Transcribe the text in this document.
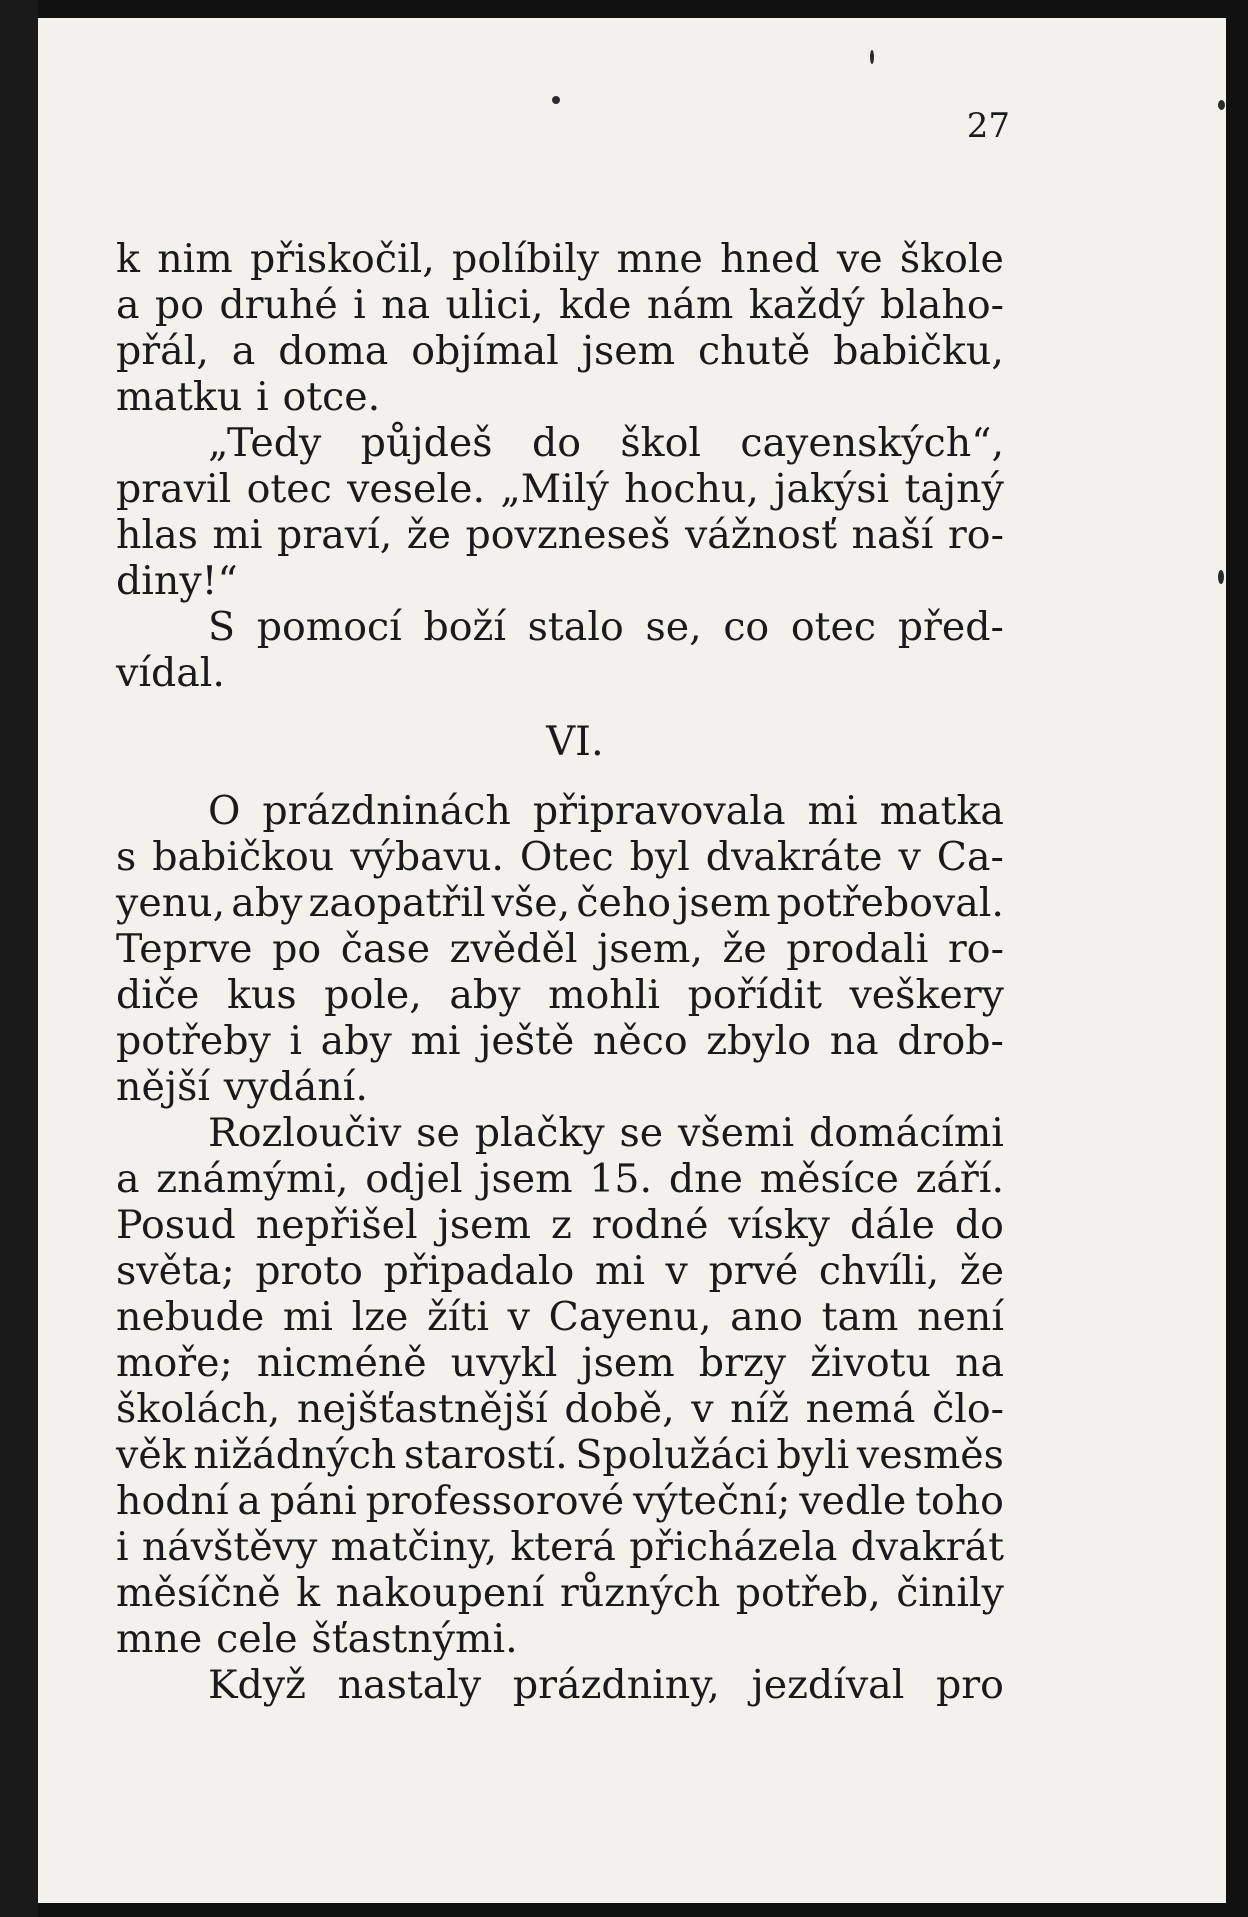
27
k nim přiskočil, políbily mne hned ve škole
a po druhé i na ulici, kde nám každý blaho-
přál, a doma objímal jsem chutě babičku,
matku i otce.
„Tedy půjdeš do škol cayenských“,
pravil otec vesele. „Milý hochu, jakýsi tajný
hlas mi praví, že povzneseš vážnosť naší ro-
diny!“
S pomocí boží stalo se, co otec před-
vídal.
VI.
O prázdninách připravovala mi matka
s babičkou výbavu. Otec byl dvakráte v Ca-
yenu, aby zaopatřil vše, čeho jsem potřeboval.
Teprve po čase zvěděl jsem, že prodali ro-
diče kus pole, aby mohli pořídit veškery
potřeby i aby mi ještě něco zbylo na drob-
nější vydání.
Rozloučiv se plačky se všemi domácími
a známými, odjel jsem 15. dne měsíce září.
Posud nepřišel jsem z rodné vísky dále do
světa; proto připadalo mi v prvé chvíli, že
nebude mi lze žíti v Cayenu, ano tam není
moře; nicméně uvykl jsem brzy životu na
školách, nejšťastnější době, v níž nemá člo-
věk nižádných starostí. Spolužáci byli vesměs
hodní a páni professorové výteční; vedle toho
i návštěvy matčiny, která přicházela dvakrát
měsíčně k nakoupení různých potřeb, činily
mne cele šťastnými.
Když nastaly prázdniny, jezdíval pro
